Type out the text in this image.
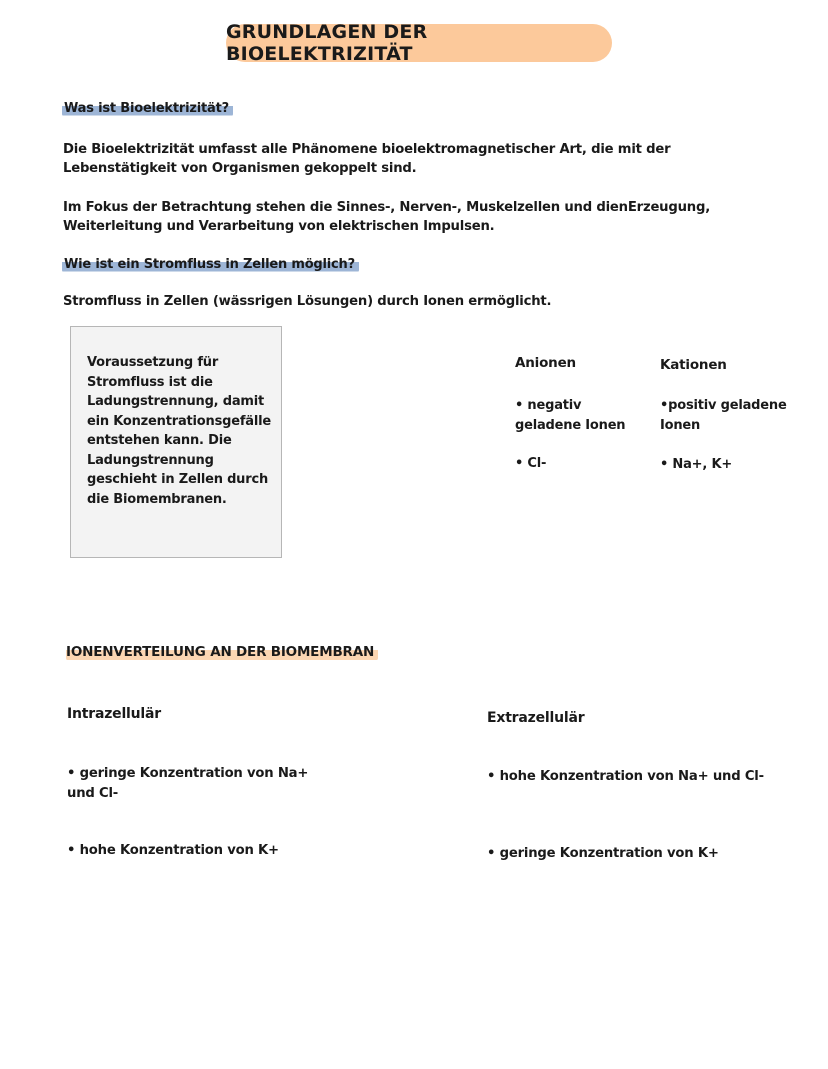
GRUNDLAGEN DER BIOELEKTRIZITÄT
Was ist Bioelektrizität?
Die Bioelektrizität umfasst alle Phänomene bioelektromagnetischer Art, die mit der Lebenstätigkeit von Organismen gekoppelt sind.
Im Fokus der Betrachtung stehen die Sinnes-, Nerven-, Muskelzellen und dienErzeugung, Weiterleitung und Verarbeitung von elektrischen Impulsen.
Wie ist ein Stromfluss in Zellen möglich?
Stromfluss in Zellen (wässrigen Lösungen) durch Ionen ermöglicht.
Voraussetzung für Stromfluss ist die Ladungstrennung, damit ein Konzentrationsgefälle entstehen kann. Die Ladungstrennung geschieht in Zellen durch die Biomembranen.
Anionen
• negativ geladene Ionen
• Cl-
Kationen
•positiv geladene Ionen
• Na+, K+
IONENVERTEILUNG AN DER BIOMEMBRAN
Intrazellulär
• geringe Konzentration von Na+ und Cl-
• hohe Konzentration von K+
Extrazellulär
• hohe Konzentration von Na+ und Cl-
• geringe Konzentration von K+
